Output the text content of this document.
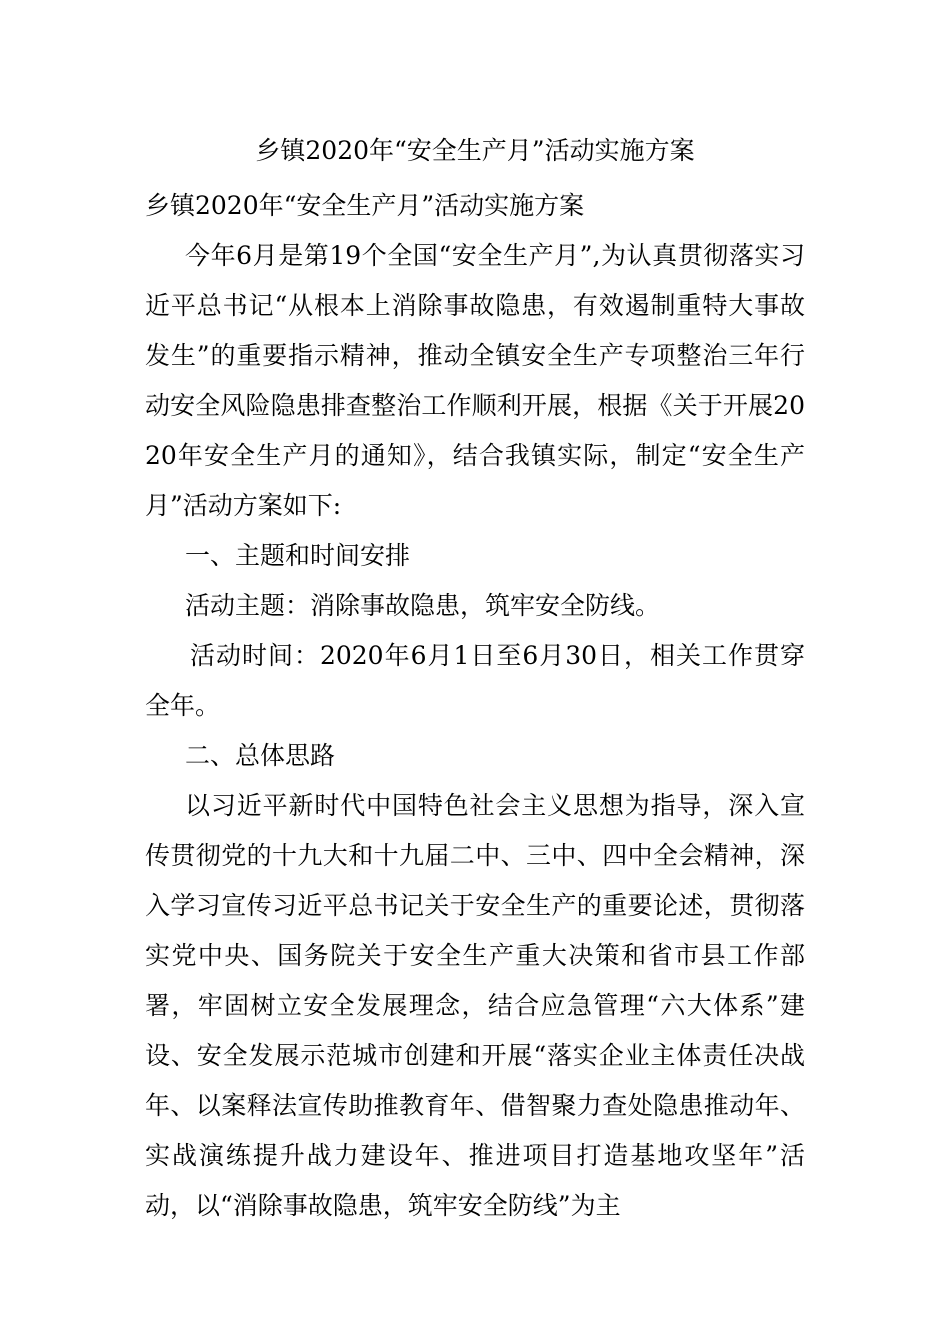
乡镇2020年“安全生产月”活动实施方案

乡镇2020年“安全生产月”活动实施方案

今年6月是第19个全国“安全生产月”,为认真贯彻落实习近平总书记“从根本上消除事故隐患，有效遏制重特大事故发生”的重要指示精神，推动全镇安全生产专项整治三年行动安全风险隐患排查整治工作顺利开展，根据《关于开展2020年安全生产月的通知》，结合我镇实际，制定“安全生产月”活动方案如下:

一、主题和时间安排

活动主题：消除事故隐患，筑牢安全防线。

活动时间：2020年6月1日至6月30日，相关工作贯穿全年。

二、总体思路

以习近平新时代中国特色社会主义思想为指导，深入宣传贯彻党的十九大和十九届二中、三中、四中全会精神，深入学习宣传习近平总书记关于安全生产的重要论述，贯彻落实党中央、国务院关于安全生产重大决策和省市县工作部署，牢固树立安全发展理念，结合应急管理“六大体系”建设、安全发展示范城市创建和开展“落实企业主体责任决战年、以案释法宣传助推教育年、借智聚力查处隐患推动年、实战演练提升战力建设年、推进项目打造基地攻坚年”活动，以“消除事故隐患，筑牢安全防线”为主
